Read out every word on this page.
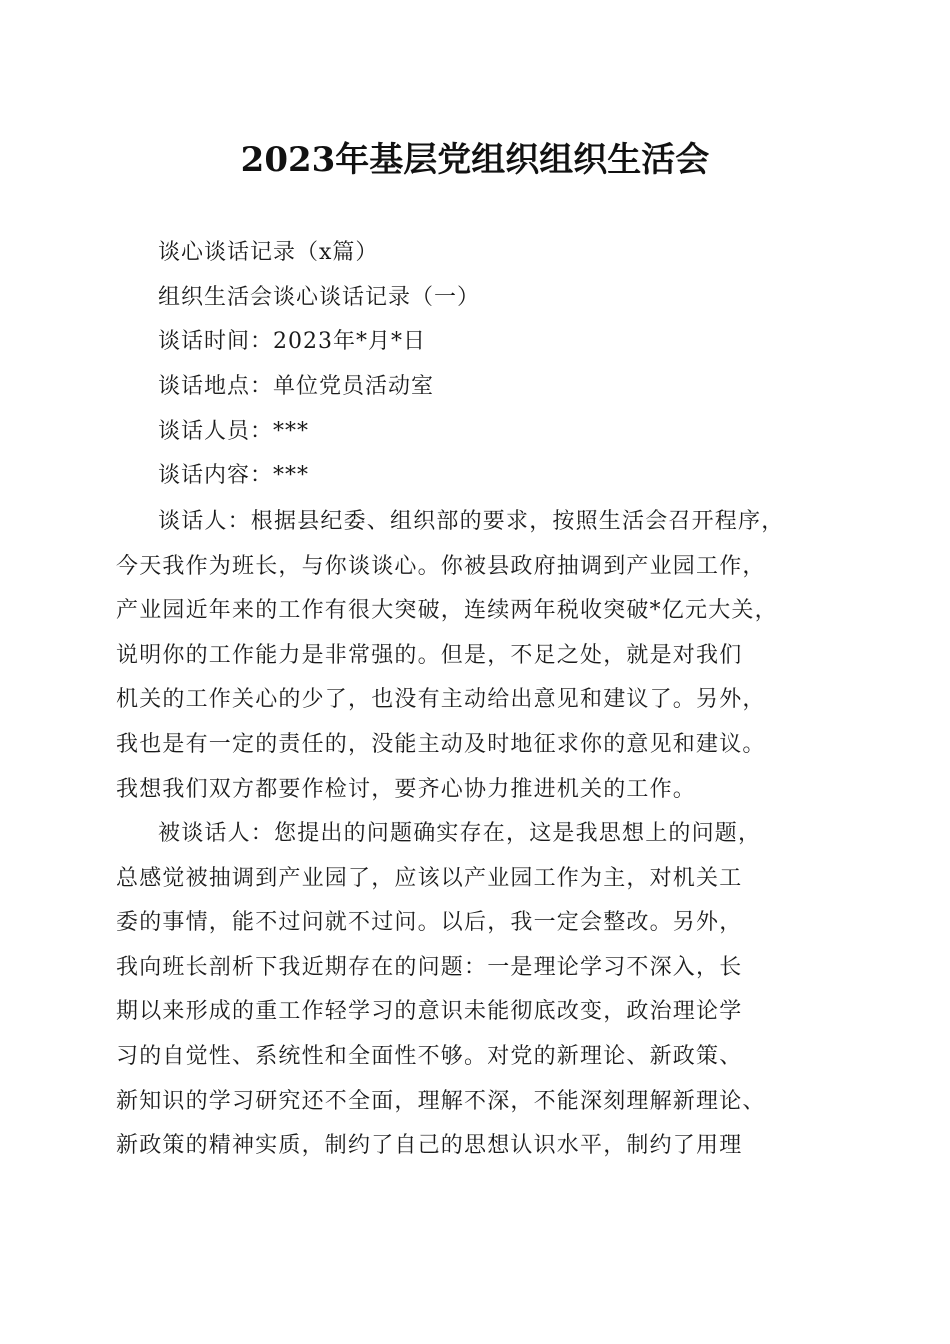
2023年基层党组织组织生活会
谈心谈话记录（x篇）
组织生活会谈心谈话记录（一）
谈话时间：2023年*月*日
谈话地点：单位党员活动室
谈话人员：***
谈话内容：***
谈话人：根据县纪委、组织部的要求，按照生活会召开程序，
今天我作为班长，与你谈谈心。你被县政府抽调到产业园工作，
产业园近年来的工作有很大突破，连续两年税收突破*亿元大关，
说明你的工作能力是非常强的。但是，不足之处，就是对我们
机关的工作关心的少了，也没有主动给出意见和建议了。另外，
我也是有一定的责任的，没能主动及时地征求你的意见和建议。
我想我们双方都要作检讨，要齐心协力推进机关的工作。
被谈话人：您提出的问题确实存在，这是我思想上的问题，
总感觉被抽调到产业园了，应该以产业园工作为主，对机关工
委的事情，能不过问就不过问。以后，我一定会整改。另外，
我向班长剖析下我近期存在的问题：一是理论学习不深入，长
期以来形成的重工作轻学习的意识未能彻底改变，政治理论学
习的自觉性、系统性和全面性不够。对党的新理论、新政策、
新知识的学习研究还不全面，理解不深，不能深刻理解新理论、
新政策的精神实质，制约了自己的思想认识水平，制约了用理
